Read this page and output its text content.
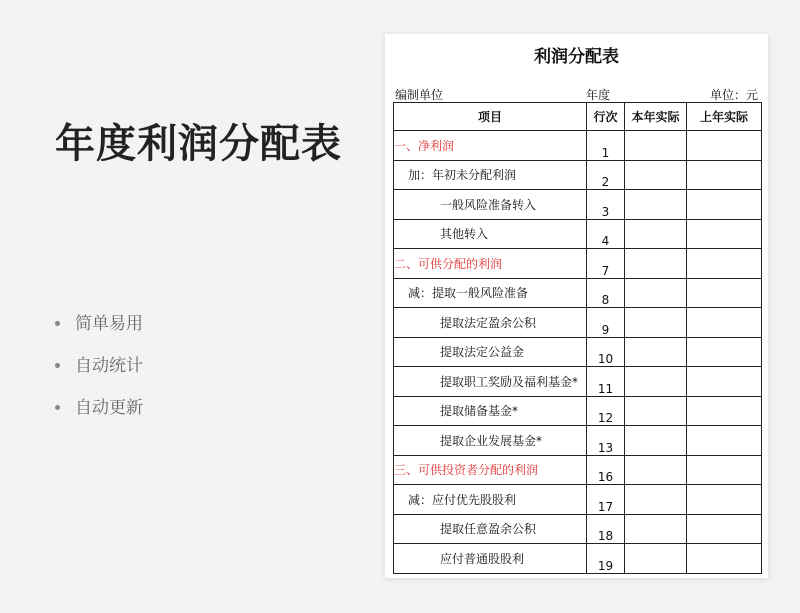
年度利润分配表
简单易用
自动统计
自动更新
利润分配表
编制单位	年度	单位：元
项目	行次	本年实际	上年实际
一、净利润	1		
加：年初未分配利润	2		
一般风险准备转入	3		
其他转入	4		
二、可供分配的利润	7		
减：提取一般风险准备	8		
提取法定盈余公积	9		
提取法定公益金	10		
提取职工奖励及福利基金*	11		
提取储备基金*	12		
提取企业发展基金*	13		
三、可供投资者分配的利润	16		
减：应付优先股股利	17		
提取任意盈余公积	18		
应付普通股股利	19		
